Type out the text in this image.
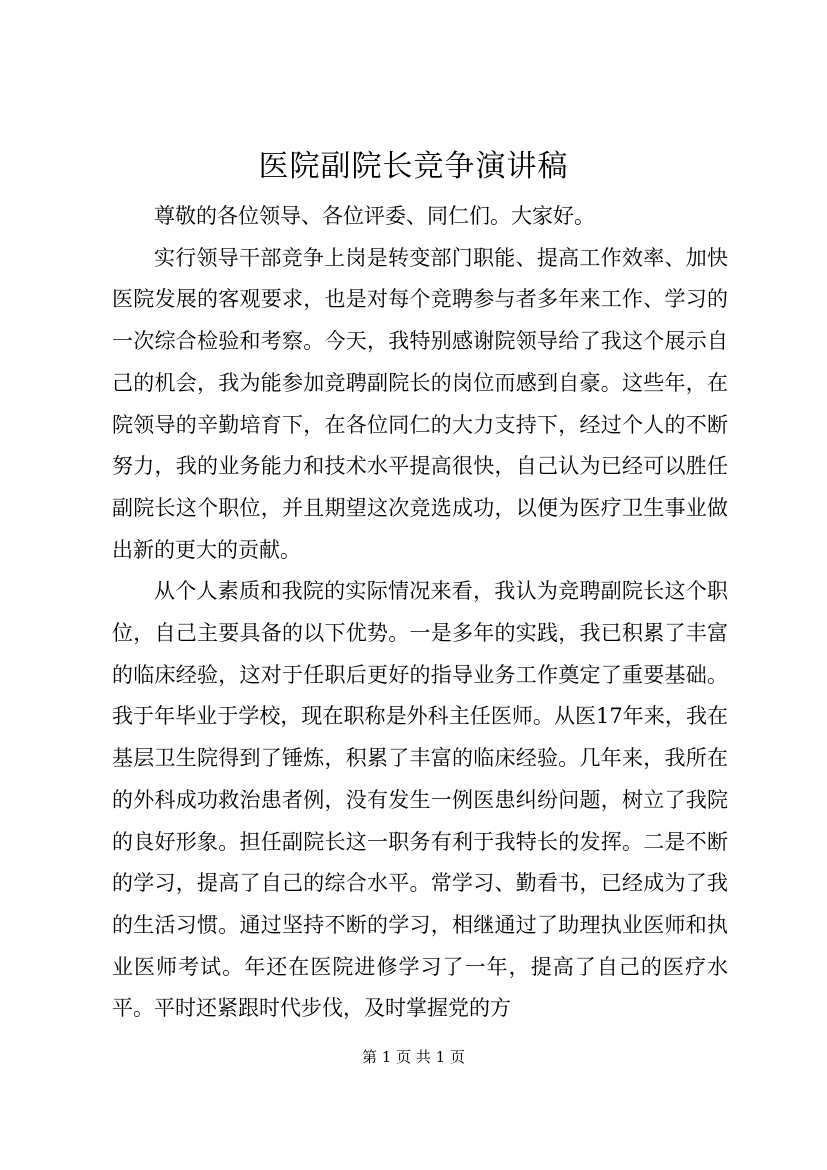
医院副院长竞争演讲稿

尊敬的各位领导、各位评委、同仁们。大家好。

实行领导干部竞争上岗是转变部门职能、提高工作效率、加快医院发展的客观要求，也是对每个竞聘参与者多年来工作、学习的一次综合检验和考察。今天，我特别感谢院领导给了我这个展示自己的机会，我为能参加竞聘副院长的岗位而感到自豪。这些年，在院领导的辛勤培育下，在各位同仁的大力支持下，经过个人的不断努力，我的业务能力和技术水平提高很快，自己认为已经可以胜任副院长这个职位，并且期望这次竞选成功，以便为医疗卫生事业做出新的更大的贡献。

从个人素质和我院的实际情况来看，我认为竞聘副院长这个职位，自己主要具备的以下优势。一是多年的实践，我已积累了丰富的临床经验，这对于任职后更好的指导业务工作奠定了重要基础。我于年毕业于学校，现在职称是外科主任医师。从医17年来，我在基层卫生院得到了锤炼，积累了丰富的临床经验。几年来，我所在的外科成功救治患者例，没有发生一例医患纠纷问题，树立了我院的良好形象。担任副院长这一职务有利于我特长的发挥。二是不断的学习，提高了自己的综合水平。常学习、勤看书，已经成为了我的生活习惯。通过坚持不断的学习，相继通过了助理执业医师和执业医师考试。年还在医院进修学习了一年，提高了自己的医疗水平。平时还紧跟时代步伐，及时掌握党的方

第 1 页 共 1 页
